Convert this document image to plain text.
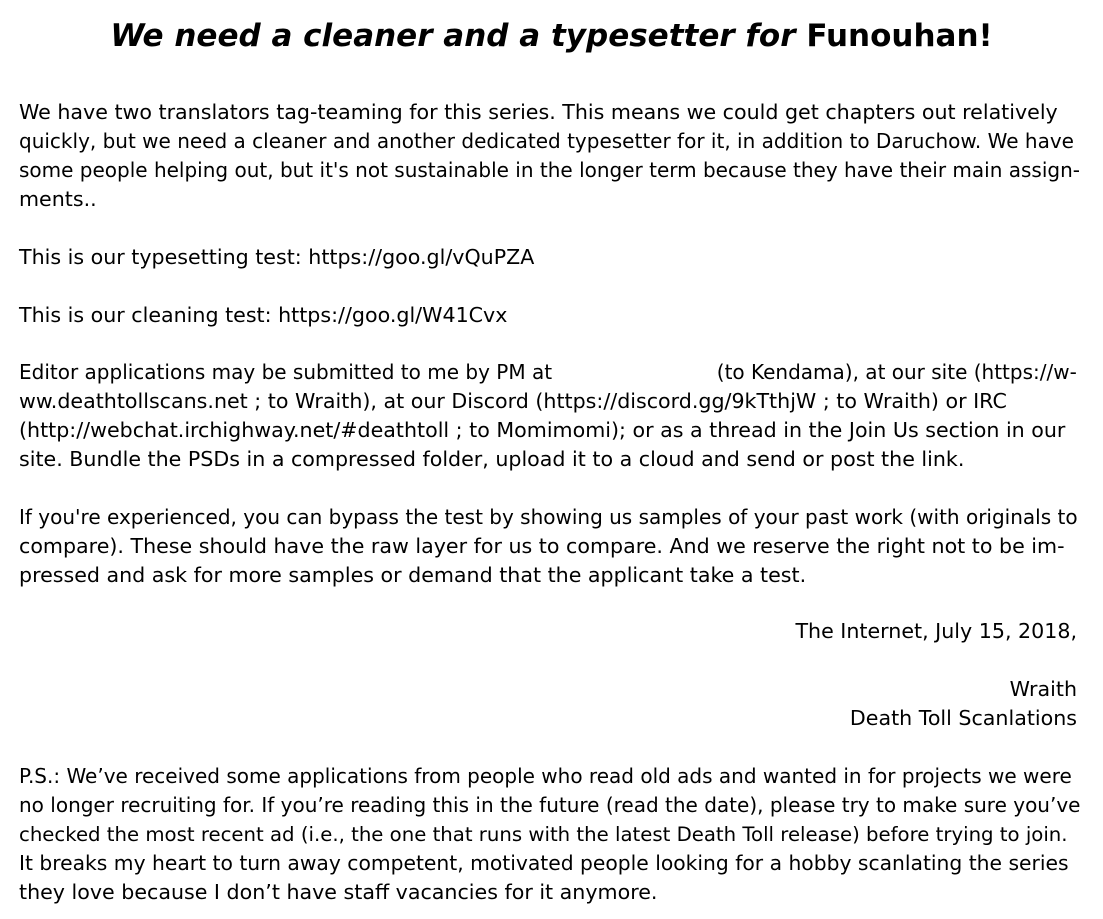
We need a cleaner and a typesetter for Funouhan!
We have two translators tag-teaming for this series. This means we could get chapters out relatively
quickly, but we need a cleaner and another dedicated typesetter for it, in addition to Daruchow. We have
some people helping out, but it's not sustainable in the longer term because they have their main assign-
ments..
This is our typesetting test: https://goo.gl/vQuPZA
This is our cleaning test: https://goo.gl/W41Cvx
Editor applications may be submitted to me by PM at	(to Kendama), at our site (https://w-
ww.deathtollscans.net ; to Wraith), at our Discord (https://discord.gg/9kTthjW ; to Wraith) or IRC
(http://webchat.irchighway.net/#deathtoll ; to Momimomi); or as a thread in the Join Us section in our
site. Bundle the PSDs in a compressed folder, upload it to a cloud and send or post the link.
If you're experienced, you can bypass the test by showing us samples of your past work (with originals to
compare). These should have the raw layer for us to compare. And we reserve the right not to be im-
pressed and ask for more samples or demand that the applicant take a test.
The Internet, July 15, 2018,
Wraith
Death Toll Scanlations
P.S.: We’ve received some applications from people who read old ads and wanted in for projects we were
no longer recruiting for. If you’re reading this in the future (read the date), please try to make sure you’ve
checked the most recent ad (i.e., the one that runs with the latest Death Toll release) before trying to join.
It breaks my heart to turn away competent, motivated people looking for a hobby scanlating the series
they love because I don’t have staff vacancies for it anymore.
